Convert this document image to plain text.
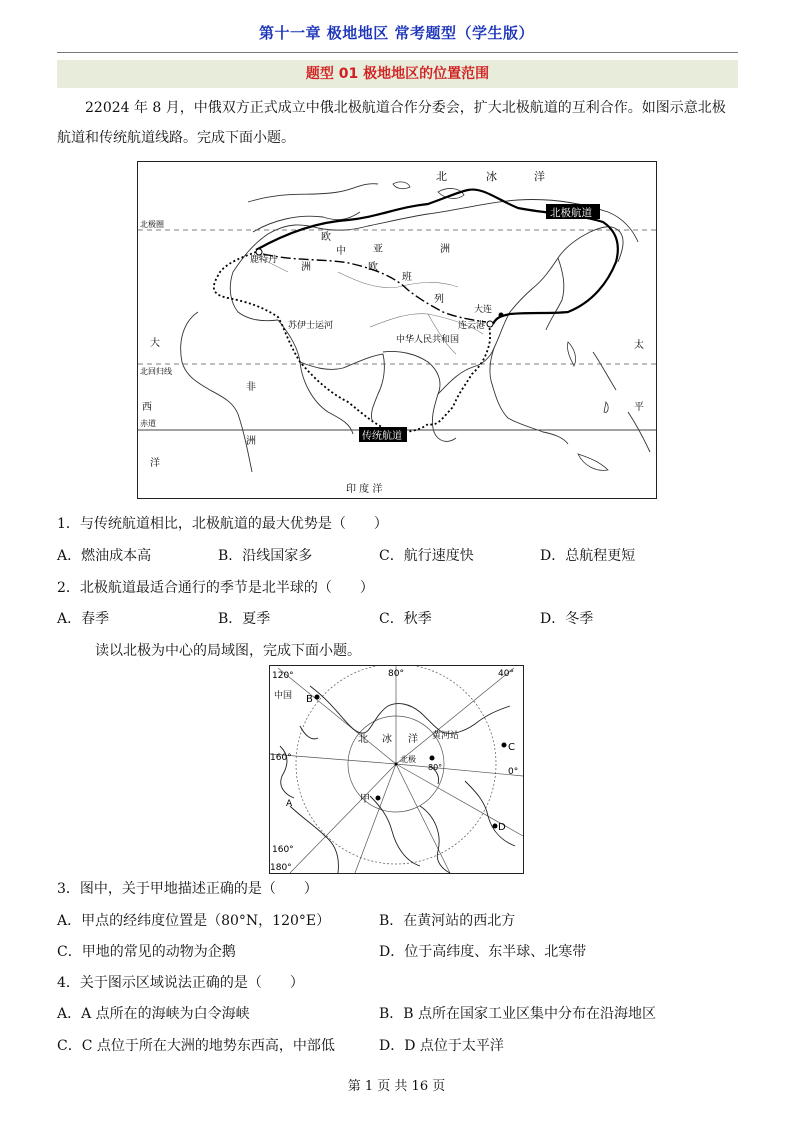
第十一章 极地地区 常考题型（学生版）
题型 01 极地地区的位置范围
22024 年 8 月，中俄双方正式成立中俄北极航道合作分委会，扩大北极航道的互利合作。如图示意北极航道和传统航道线路。完成下面小题。
北	冰	洋
北极航道
北极圈
欧
中	亚	洲
鹿特丹
洲	欧
班
列
大连
苏伊士运河	连云港
中华人民共和国
大	太
北回归线
非
西	平
赤道
传统航道
洲
洋
印 度 洋
1．与传统航道相比，北极航道的最大优势是（　　）
A．燃油成本高	B．沿线国家多	C．航行速度快	D．总航程更短
2．北极航道最适合通行的季节是北半球的（　　）
A．春季	B．夏季	C．秋季	D．冬季
读以北极为中心的局域图，完成下面小题。
120°	80°	40°
中国 B
北 冰 洋 黄河站
C
160°	北极
80°	0°
A	甲
D
160°
180°
3．图中，关于甲地描述正确的是（　　）
A．甲点的经纬度位置是（80°N，120°E）	B．在黄河站的西北方
C．甲地的常见的动物为企鹅	D．位于高纬度、东半球、北寒带
4．关于图示区域说法正确的是（　　）
A．A 点所在的海峡为白令海峡	B．B 点所在国家工业区集中分布在沿海地区
C．C 点位于所在大洲的地势东西高，中部低	D．D 点位于太平洋
第 1 页 共 16 页
